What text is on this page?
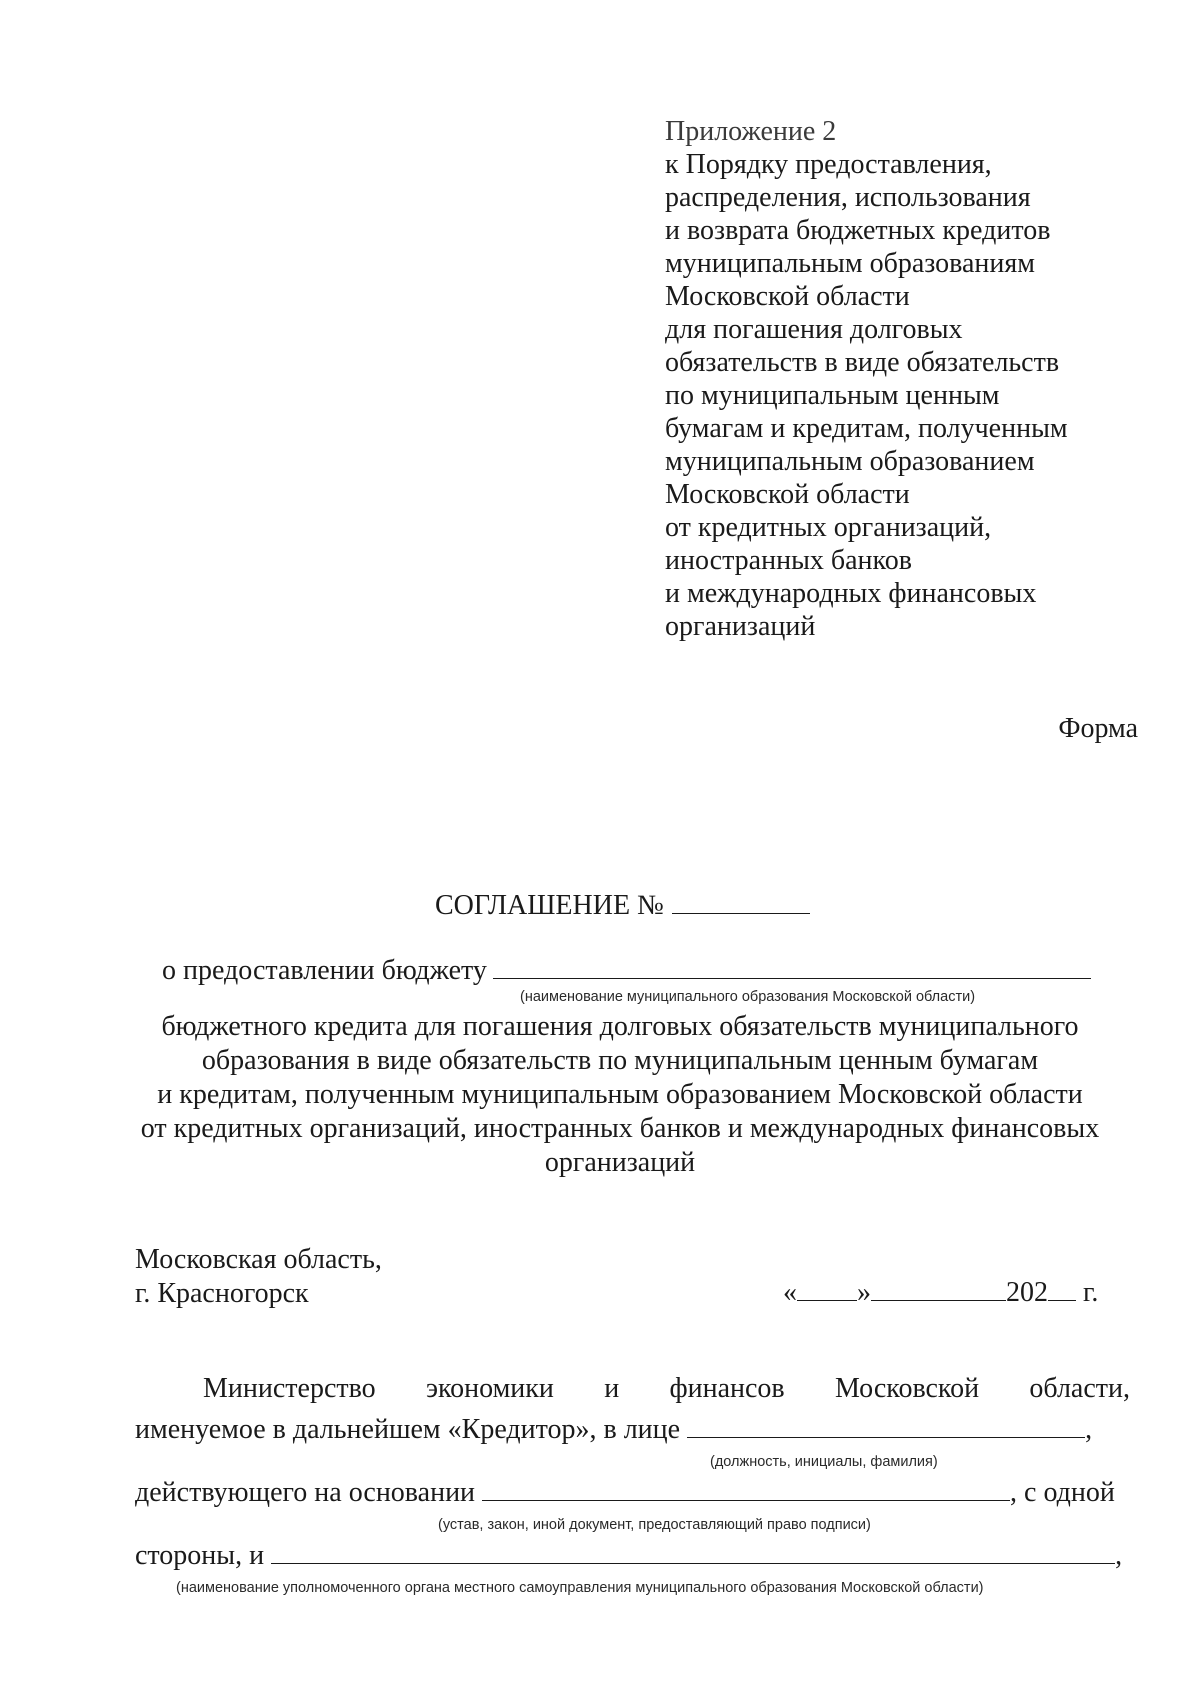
Приложение 2
к Порядку предоставления,
распределения, использования
и возврата бюджетных кредитов
муниципальным образованиям
Московской области
для погашения долговых
обязательств в виде обязательств
по муниципальным ценным
бумагам и кредитам, полученным
муниципальным образованием
Московской области
от кредитных организаций,
иностранных банков
и международных финансовых
организаций
Форма
СОГЛАШЕНИЕ №
о предоставлении бюджету
(наименование муниципального образования Московской области)
бюджетного кредита для погашения долговых обязательств муниципального
образования в виде обязательств по муниципальным ценным бумагам
и кредитам, полученным муниципальным образованием Московской области
от кредитных организаций, иностранных банков и международных финансовых
организаций
Московская область,
г. Красногорск	« »	202 г.
Министерство экономики и финансов Московской области,
именуемое в дальнейшем «Кредитор», в лице	,
действующего на основании	, с одной
стороны, и	,
(должность, инициалы, фамилия)
(устав, закон, иной документ, предоставляющий право подписи)
(наименование уполномоченного органа местного самоуправления муниципального образования Московской области)
